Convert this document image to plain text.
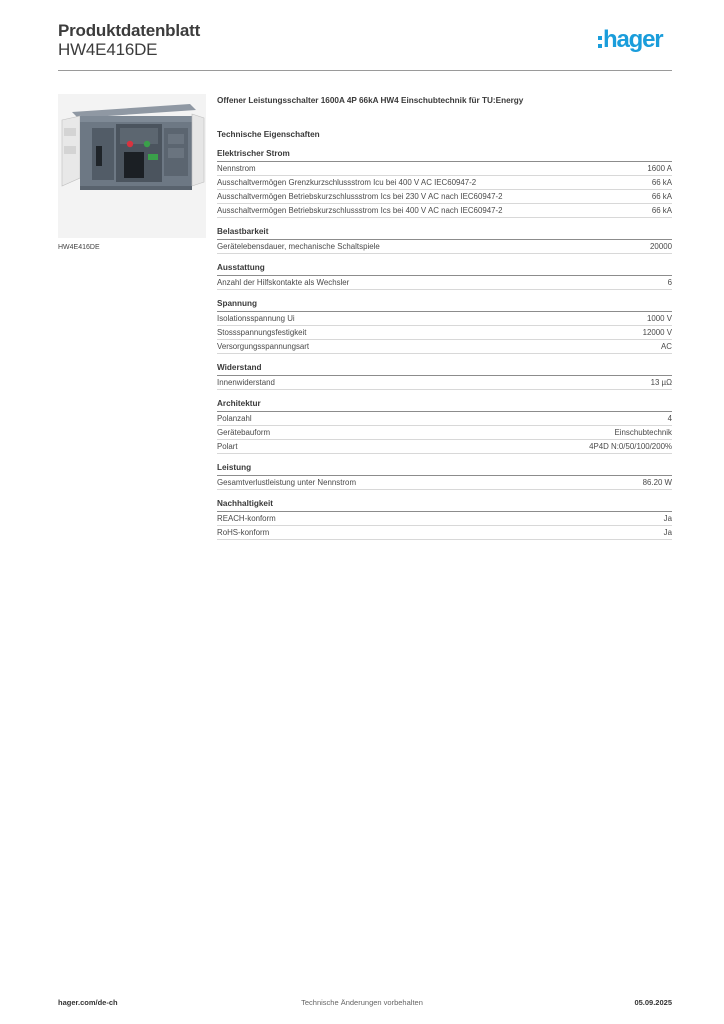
Produktdatenblatt
HW4E416DE	hager
HW4E416DE

Offener Leistungsschalter 1600A 4P 66kA HW4 Einschubtechnik für TU:Energy

Technische Eigenschaften
Elektrischer Strom
Nennstrom	1600 A
Ausschaltvermögen Grenzkurzschlussstrom Icu bei 400 V AC IEC60947-2	66 kA
Ausschaltvermögen Betriebskurzschlussstrom Ics bei 230 V AC nach IEC60947-2	66 kA
Ausschaltvermögen Betriebskurzschlussstrom Ics bei 400 V AC nach IEC60947-2	66 kA
Belastbarkeit
Gerätelebensdauer, mechanische Schaltspiele	20000
Ausstattung
Anzahl der Hilfskontakte als Wechsler	6
Spannung
Isolationsspannung Ui	1000 V
Stossspannungsfestigkeit	12000 V
Versorgungsspannungsart	AC
Widerstand
Innenwiderstand	13 µΩ
Architektur
Polanzahl	4
Gerätebauform	Einschubtechnik
Polart	4P4D N:0/50/100/200%
Leistung
Gesamtverlustleistung unter Nennstrom	86.20 W
Nachhaltigkeit
REACH-konform	Ja
RoHS-konform	Ja
hager.com/de-ch	Technische Änderungen vorbehalten	05.09.2025
